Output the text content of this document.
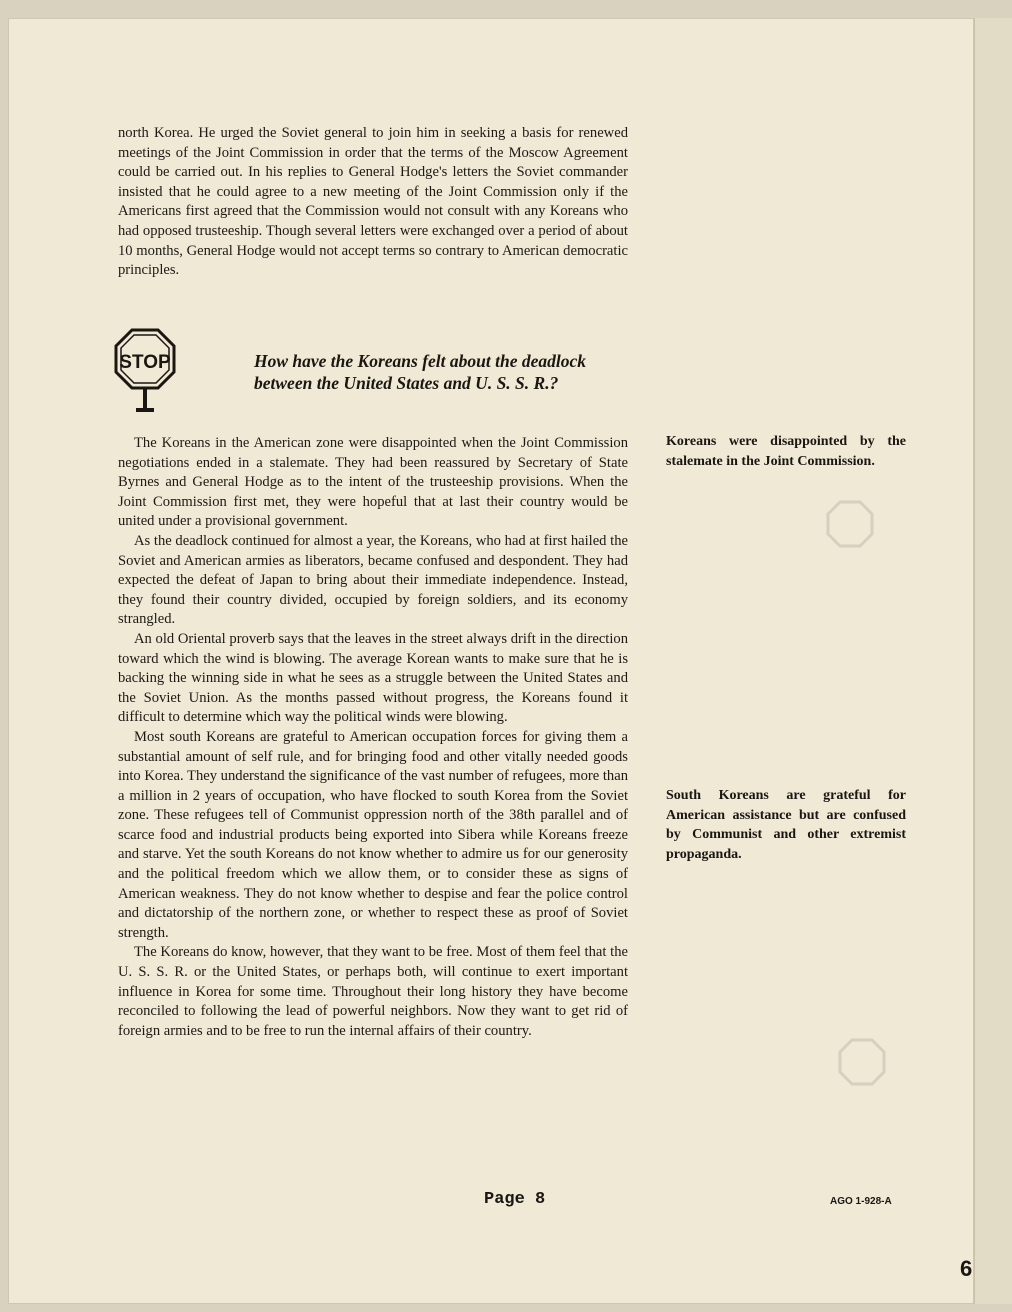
north Korea. He urged the Soviet general to join him in seeking a basis for renewed meetings of the Joint Commission in order that the terms of the Moscow Agreement could be carried out. In his replies to General Hodge's letters the Soviet commander insisted that he could agree to a new meeting of the Joint Commission only if the Americans first agreed that the Commission would not consult with any Koreans who had opposed trusteeship. Though several letters were exchanged over a period of about 10 months, General Hodge would not accept terms so contrary to American democratic principles.

STOP	How have the Koreans felt about the deadlock between the United States and U. S. S. R.?

The Koreans in the American zone were disappointed when the Joint Commission negotiations ended in a stalemate. They had been reassured by Secretary of State Byrnes and General Hodge as to the intent of the trusteeship provisions. When the Joint Commission first met, they were hopeful that at last their country would be united under a provisional government.

As the deadlock continued for almost a year, the Koreans, who had at first hailed the Soviet and American armies as liberators, became confused and despondent. They had expected the defeat of Japan to bring about their immediate independence. Instead, they found their country divided, occupied by foreign soldiers, and its economy strangled.

An old Oriental proverb says that the leaves in the street always drift in the direction toward which the wind is blowing. The average Korean wants to make sure that he is backing the winning side in what he sees as a struggle between the United States and the Soviet Union. As the months passed without progress, the Koreans found it difficult to determine which way the political winds were blowing.

Most south Koreans are grateful to American occupation forces for giving them a substantial amount of self rule, and for bringing food and other vitally needed goods into Korea. They understand the significance of the vast number of refugees, more than a million in 2 years of occupation, who have flocked to south Korea from the Soviet zone. These refugees tell of Communist oppression north of the 38th parallel and of scarce food and industrial products being exported into Sibera while Koreans freeze and starve. Yet the south Koreans do not know whether to admire us for our generosity and the political freedom which we allow them, or to consider these as signs of American weakness. They do not know whether to despise and fear the police control and dictatorship of the northern zone, or whether to respect these as proof of Soviet strength.

The Koreans do know, however, that they want to be free. Most of them feel that the U. S. S. R. or the United States, or perhaps both, will continue to exert important influence in Korea for some time. Throughout their long history they have become reconciled to following the lead of powerful neighbors. Now they want to get rid of foreign armies and to be free to run the internal affairs of their country.

Koreans were disappointed by the stalemate in the Joint Commission.
South Koreans are grateful for American assistance but are confused by Communist and other extremist propaganda.
Page 8	AGO 1-928-A
6
